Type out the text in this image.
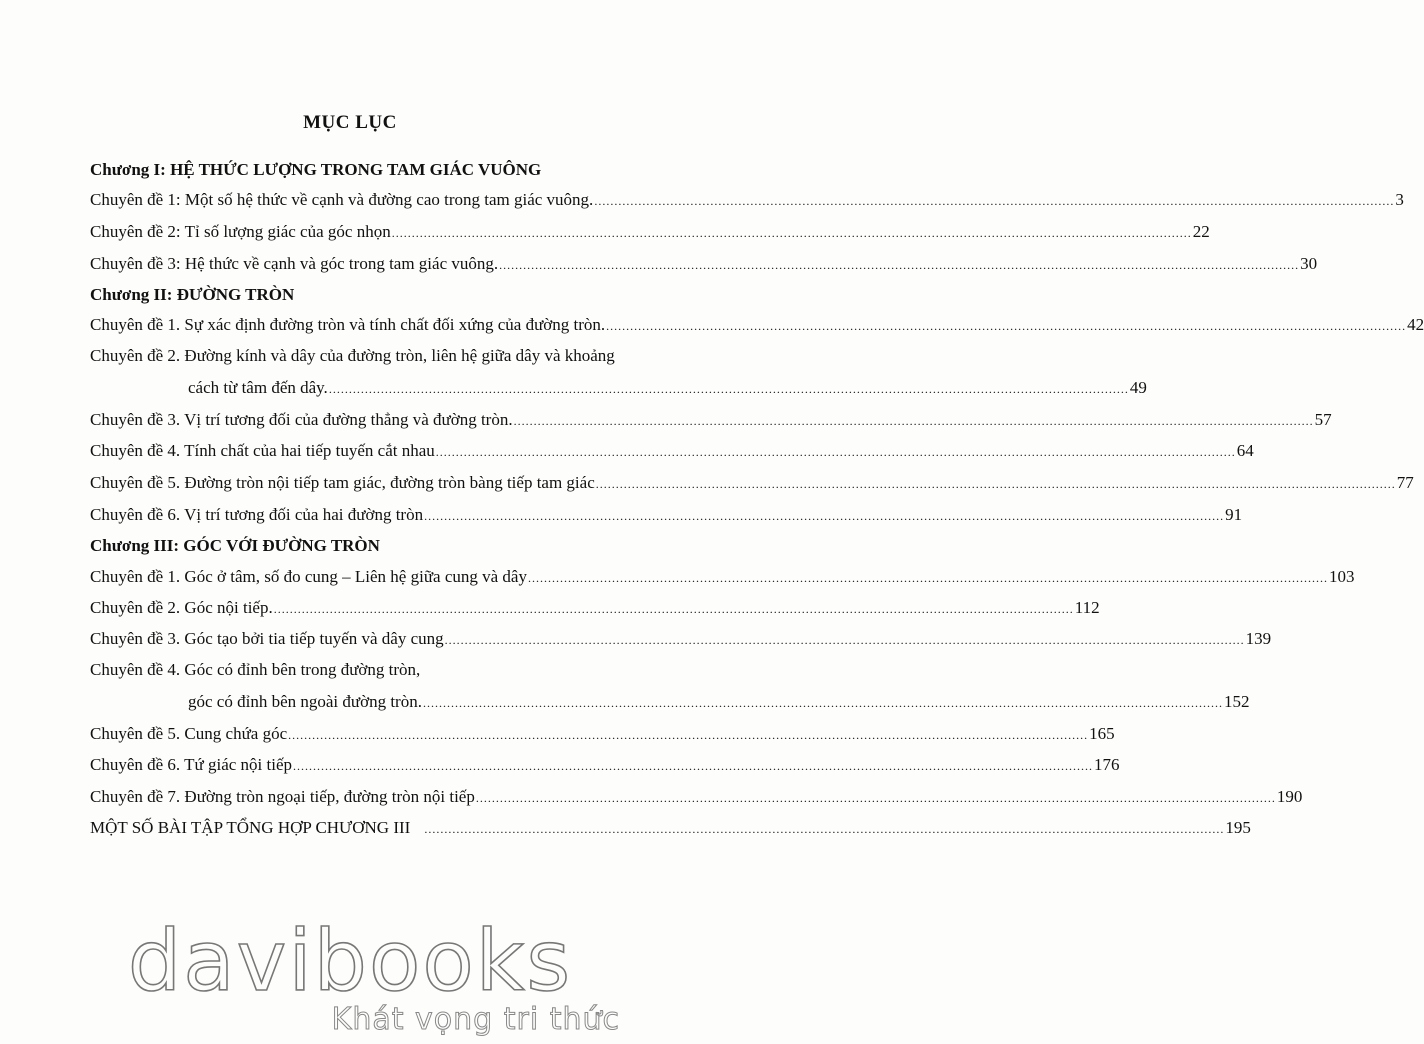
MỤC LỤC
Chương I: HỆ THỨC LƯỢNG TRONG TAM GIÁC VUÔNG
Chuyên đề 1: Một số hệ thức về cạnh và đường cao trong tam giác vuông. ........................................................................................................................................................................................................ 3
Chuyên đề 2: Tỉ số lượng giác của góc nhọn ........................................................................................................................................................................................................ 22
Chuyên đề 3: Hệ thức về cạnh và góc trong tam giác vuông. ........................................................................................................................................................................................................ 30
Chương II: ĐƯỜNG TRÒN
Chuyên đề 1. Sự xác định đường tròn và tính chất đối xứng của đường tròn. ........................................................................................................................................................................................................ 42
Chuyên đề 2. Đường kính và dây của đường tròn, liên hệ giữa dây và khoảng
cách từ tâm đến dây. ........................................................................................................................................................................................................ 49
Chuyên đề 3. Vị trí tương đối của đường thẳng và đường tròn. ........................................................................................................................................................................................................ 57
Chuyên đề 4. Tính chất của hai tiếp tuyến cắt nhau ........................................................................................................................................................................................................ 64
Chuyên đề 5. Đường tròn nội tiếp tam giác, đường tròn bàng tiếp tam giác ........................................................................................................................................................................................................ 77
Chuyên đề 6. Vị trí tương đối của hai đường tròn ........................................................................................................................................................................................................ 91
Chương III: GÓC VỚI ĐƯỜNG TRÒN
Chuyên đề 1. Góc ở tâm, số đo cung – Liên hệ giữa cung và dây ........................................................................................................................................................................................................ 103
Chuyên đề 2. Góc nội tiếp. ........................................................................................................................................................................................................ 112
Chuyên đề 3. Góc tạo bởi tia tiếp tuyến và dây cung ........................................................................................................................................................................................................ 139
Chuyên đề 4. Góc có đỉnh bên trong đường tròn,
góc có đỉnh bên ngoài đường tròn. ........................................................................................................................................................................................................ 152
Chuyên đề 5. Cung chứa góc ........................................................................................................................................................................................................ 165
Chuyên đề 6. Tứ giác nội tiếp ........................................................................................................................................................................................................ 176
Chuyên đề 7. Đường tròn ngoại tiếp, đường tròn nội tiếp ........................................................................................................................................................................................................ 190
MỘT SỐ BÀI TẬP TỔNG HỢP CHƯƠNG III ........................................................................................................................................................................................................ 195
davibooks
Khát vọng tri thức
